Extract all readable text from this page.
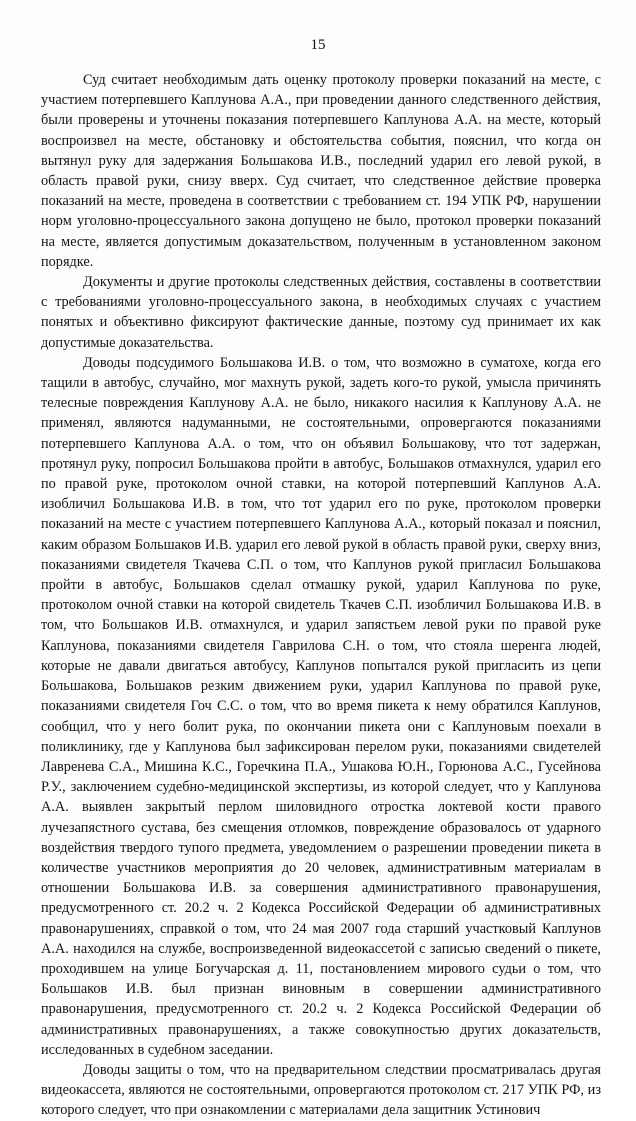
15

Суд считает необходимым дать оценку протоколу проверки показаний на месте, с участием потерпевшего Каплунова А.А., при проведении данного следственного действия, были проверены и уточнены показания потерпевшего Каплунова А.А. на месте, который воспроизвел на месте, обстановку и обстоятельства события, пояснил, что когда он вытянул руку для задержания Большакова И.В., последний ударил его левой рукой, в область правой руки, снизу вверх. Суд считает, что следственное действие проверка показаний на месте, проведена в соответствии с требованием ст. 194 УПК РФ, нарушении норм уголовно-процессуального закона допущено не было, протокол проверки показаний на месте, является допустимым доказательством, полученным в установленном законом порядке.

Документы и другие протоколы следственных действия, составлены в соответствии с требованиями уголовно-процессуального закона, в необходимых случаях с участием понятых и объективно фиксируют фактические данные, поэтому суд принимает их как допустимые доказательства.

Доводы подсудимого Большакова И.В. о том, что возможно в суматохе, когда его тащили в автобус, случайно, мог махнуть рукой, задеть кого-то рукой, умысла причинять телесные повреждения Каплунову А.А. не было, никакого насилия к Каплунову А.А. не применял, являются надуманными, не состоятельными, опровергаются показаниями потерпевшего Каплунова А.А. о том, что он объявил Большакову, что тот задержан, протянул руку, попросил Большакова пройти в автобус, Большаков отмахнулся, ударил его по правой руке, протоколом очной ставки, на которой потерпевший Каплунов А.А. изобличил Большакова И.В. в том, что тот ударил его по руке, протоколом проверки показаний на месте с участием потерпевшего Каплунова А.А., который показал и пояснил, каким образом Большаков И.В. ударил его левой рукой в область правой руки, сверху вниз, показаниями свидетеля Ткачева С.П. о том, что Каплунов рукой пригласил Большакова пройти в автобус, Большаков сделал отмашку рукой, ударил Каплунова по руке, протоколом очной ставки на которой свидетель Ткачев С.П. изобличил Большакова И.В. в том, что Большаков И.В. отмахнулся, и ударил запястьем левой руки по правой руке Каплунова, показаниями свидетеля Гаврилова С.Н. о том, что стояла шеренга людей, которые не давали двигаться автобусу, Каплунов попытался рукой пригласить из цепи Большакова, Большаков резким движением руки, ударил Каплунова по правой руке, показаниями свидетеля Гоч С.С. о том, что во время пикета к нему обратился Каплунов, сообщил, что у него болит рука, по окончании пикета они с Каплуновым поехали в поликлинику, где у Каплунова был зафиксирован перелом руки, показаниями свидетелей Лавренева С.А., Мишина К.С., Горечкина П.А., Ушакова Ю.Н., Горюнова А.С., Гусейнова Р.У., заключением судебно-медицинской экспертизы, из которой следует, что у Каплунова А.А. выявлен закрытый перлом шиловидного отростка локтевой кости правого лучезапястного сустава, без смещения отломков, повреждение образовалось от ударного воздействия твердого тупого предмета, уведомлением о разрешении проведении пикета в количестве участников мероприятия до 20 человек, административным материалам в отношении Большакова И.В. за совершения административного правонарушения, предусмотренного ст. 20.2 ч. 2 Кодекса Российской Федерации об административных правонарушениях, справкой о том, что 24 мая 2007 года старший участковый Каплунов А.А. находился на службе, воспроизведенной видеокассетой с записью сведений о пикете, проходившем на улице Богучарская д. 11, постановлением мирового судьи о том, что Большаков И.В. был признан виновным в совершении административного правонарушения, предусмотренного ст. 20.2 ч. 2 Кодекса Российской Федерации об административных правонарушениях, а также совокупностью других доказательств, исследованных в судебном заседании.

Доводы защиты о том, что на предварительном следствии просматривалась другая видеокассета, являются не состоятельными, опровергаются протоколом ст. 217 УПК РФ, из которого следует, что при ознакомлении с материалами дела защитник Устинович
